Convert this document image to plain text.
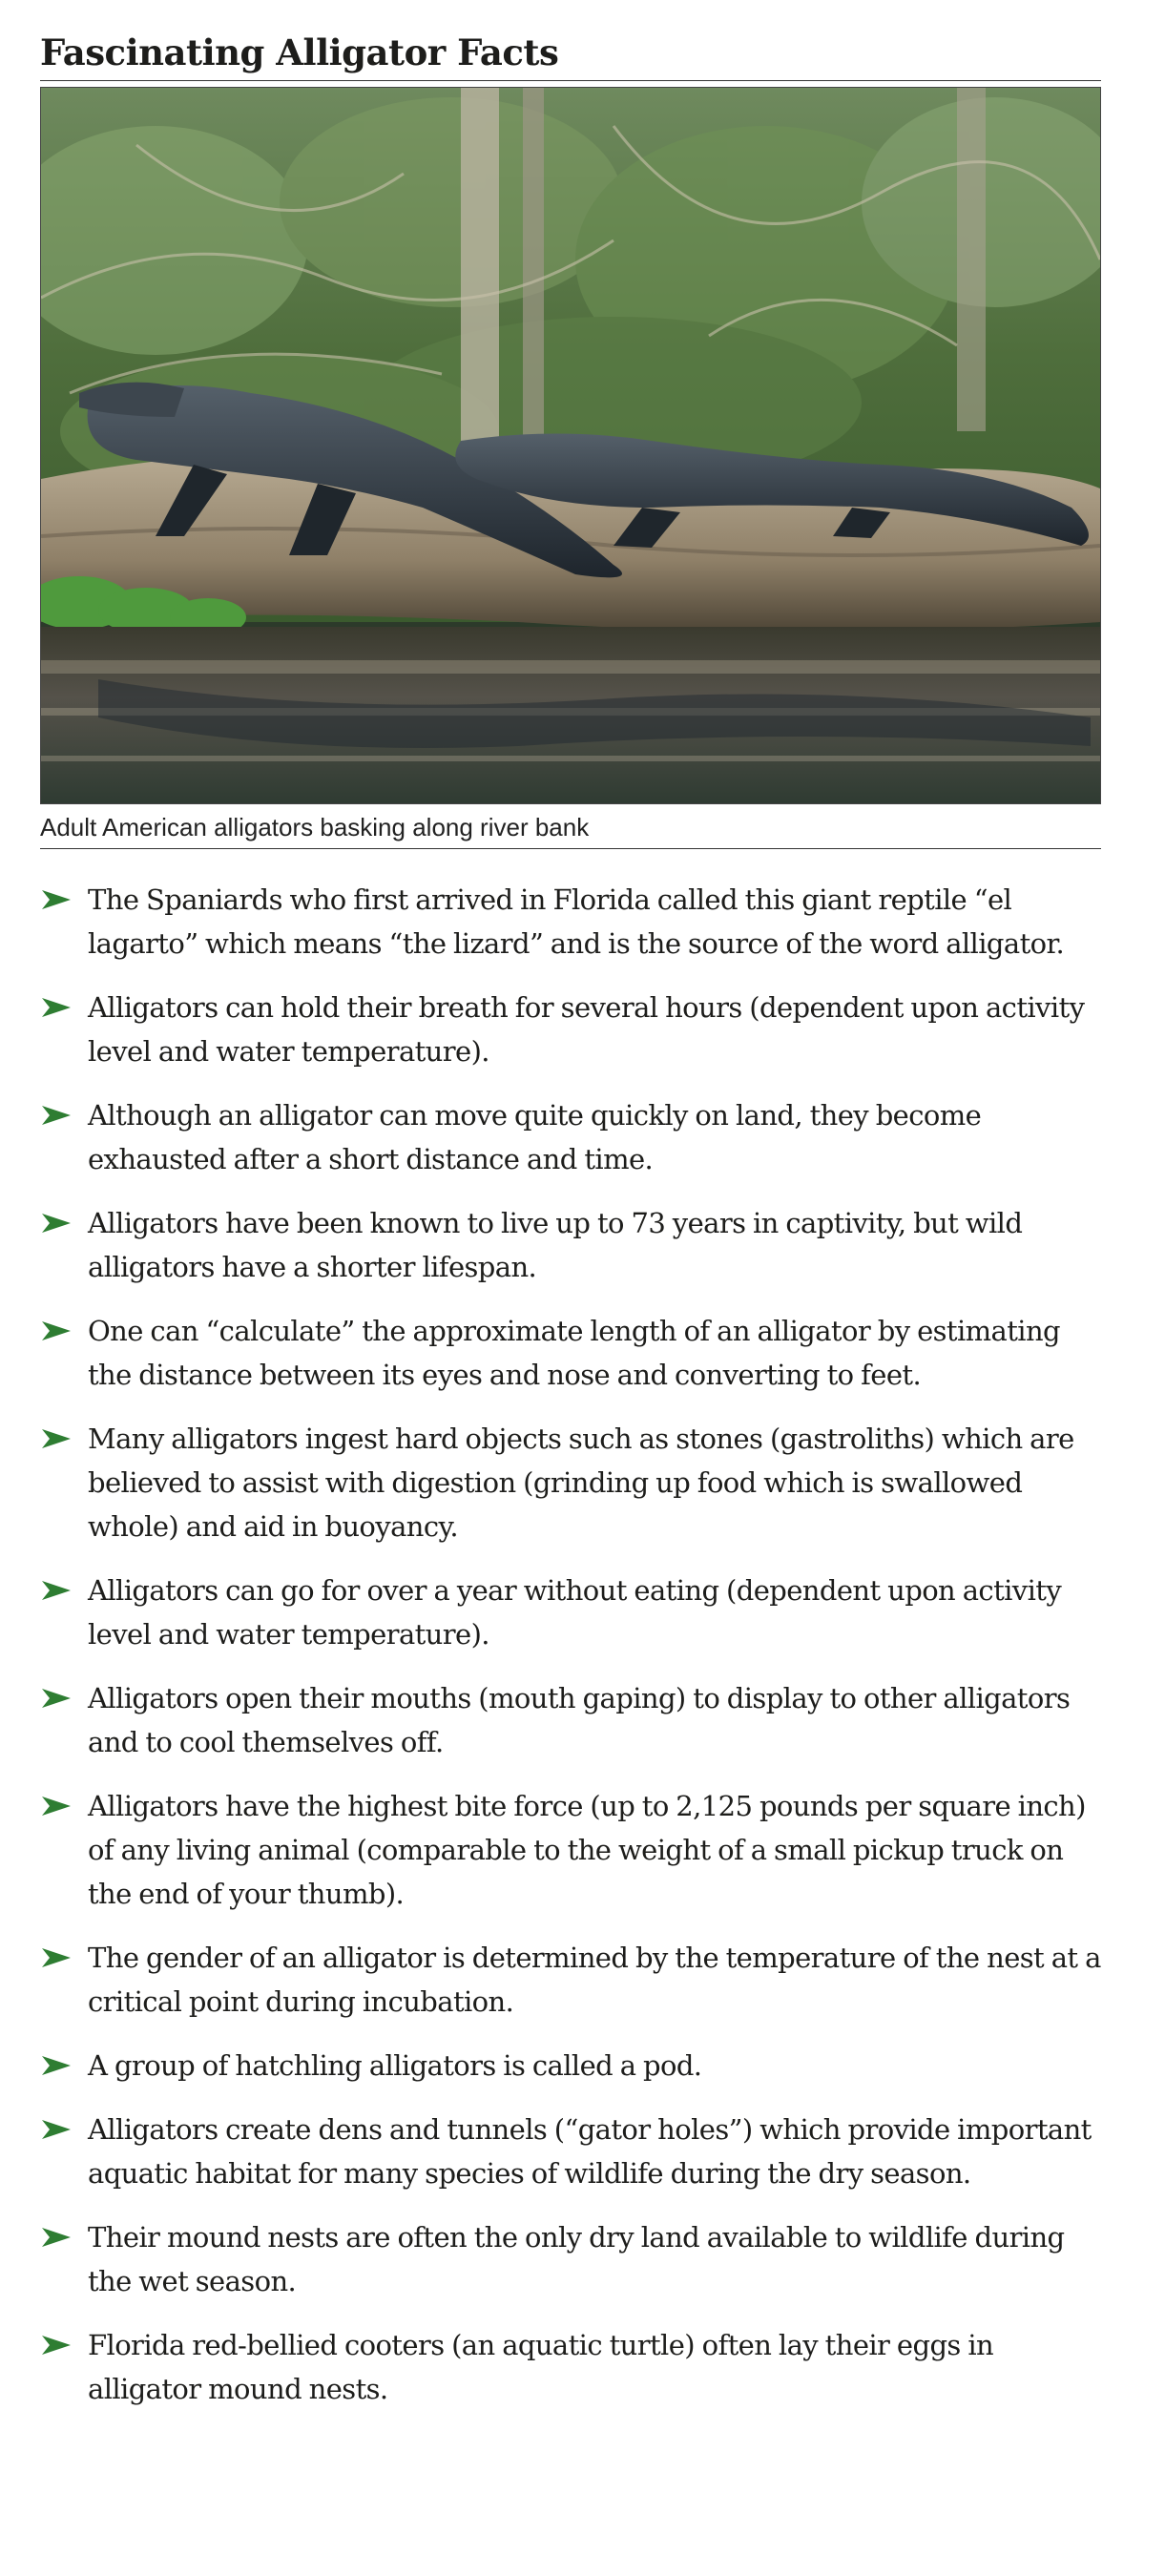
Fascinating Alligator Facts
Adult American alligators basking along river bank
The Spaniards who first arrived in Florida called this giant reptile “el lagarto” which means “the lizard” and is the source of the word alligator.
Alligators can hold their breath for several hours (dependent upon activity level and water temperature).
Although an alligator can move quite quickly on land, they become exhausted after a short distance and time.
Alligators have been known to live up to 73 years in captivity, but wild alligators have a shorter lifespan.
One can “calculate” the approximate length of an alligator by estimating the distance between its eyes and nose and converting to feet.
Many alligators ingest hard objects such as stones (gastroliths) which are believed to assist with digestion (grinding up food which is swallowed whole) and aid in buoyancy.
Alligators can go for over a year without eating (dependent upon activity level and water temperature).
Alligators open their mouths (mouth gaping) to display to other alligators and to cool themselves off.
Alligators have the highest bite force (up to 2,125 pounds per square inch) of any living animal (comparable to the weight of a small pickup truck on the end of your thumb).
The gender of an alligator is determined by the temperature of the nest at a critical point during incubation.
A group of hatchling alligators is called a pod.
Alligators create dens and tunnels (“gator holes”) which provide important aquatic habitat for many species of wildlife during the dry season.
Their mound nests are often the only dry land available to wildlife during the wet season.
Florida red-bellied cooters (an aquatic turtle) often lay their eggs in alligator mound nests.
